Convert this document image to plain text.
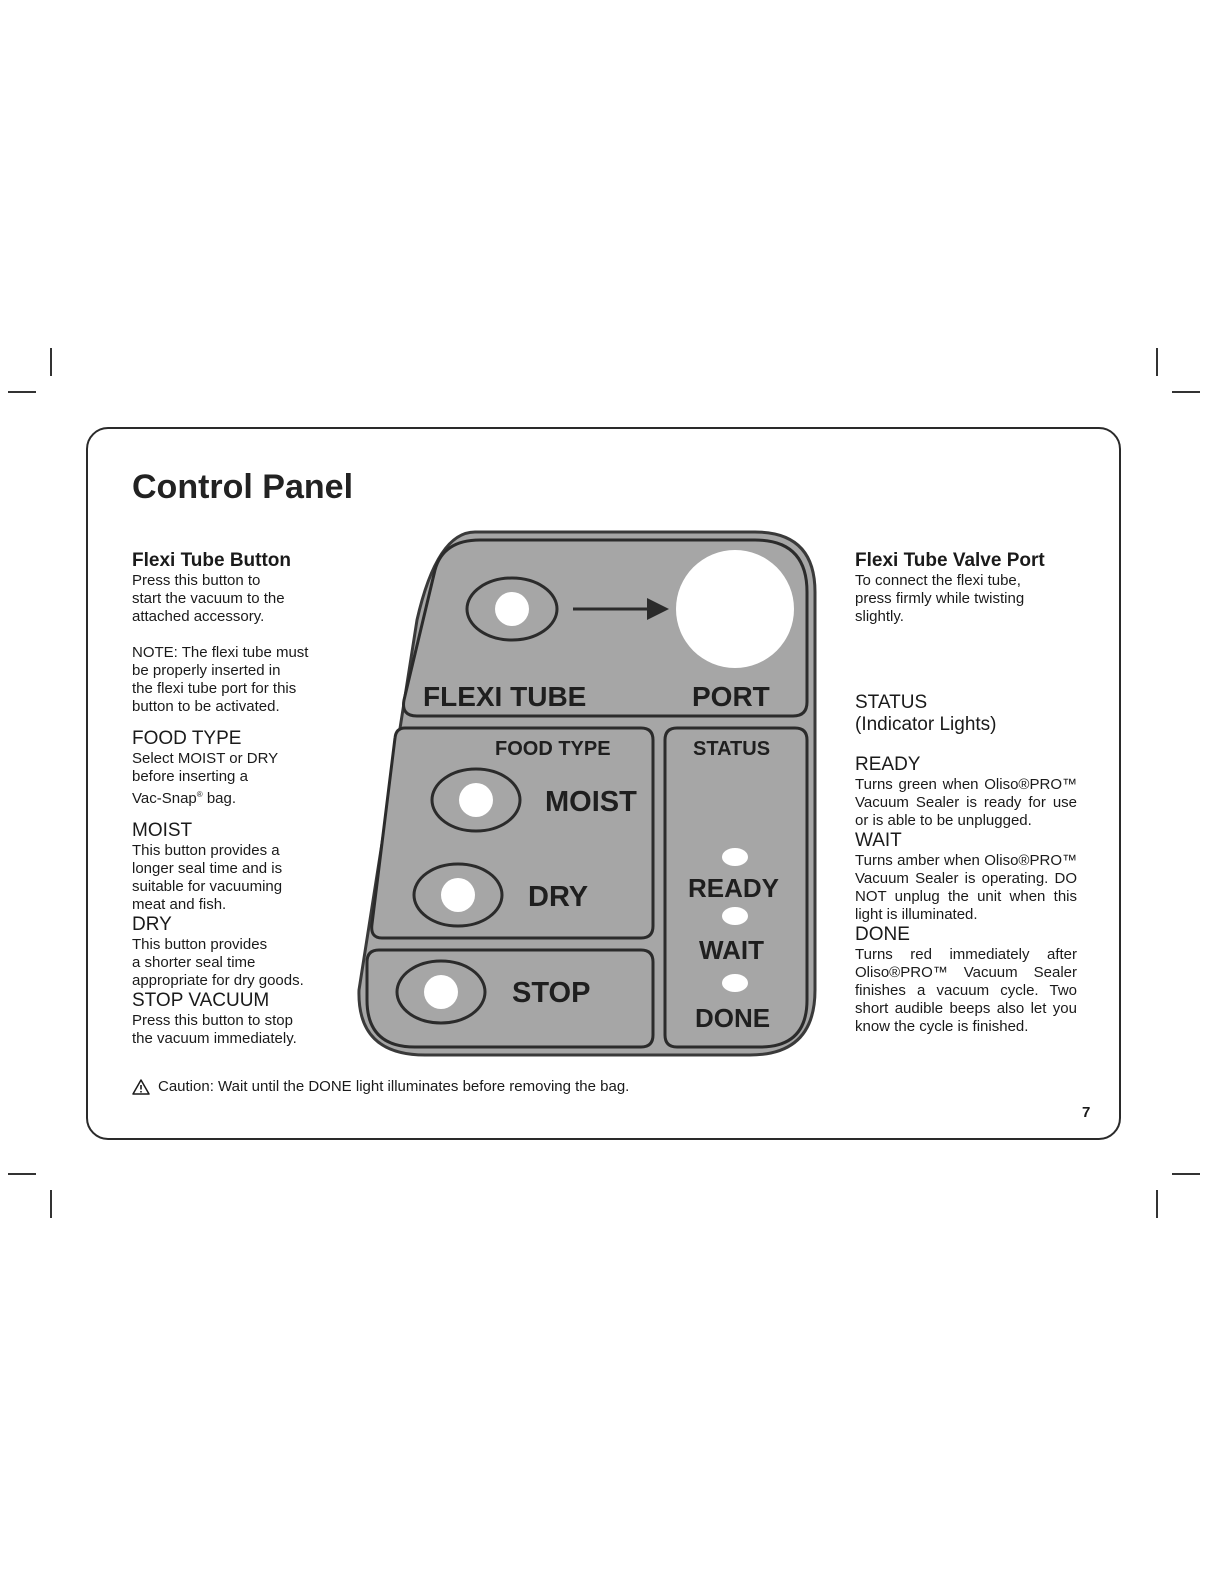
Control Panel
Flexi Tube Button

Press this button to

start the vacuum to the

attached accessory.

NOTE: The flexi tube must

be properly inserted in

the flexi tube port for this

button to be activated.

FOOD TYPE

Select MOIST or DRY

before inserting a

Vac-Snap® bag.

MOIST

This button provides a

longer seal time and is

suitable for vacuuming

meat and fish.

DRY

This button provides

a shorter seal time

appropriate for dry goods.

STOP VACUUM

Press this button to stop

the vacuum immediately.

Flexi Tube Valve Port

To connect the flexi tube,

press firmly while twisting

slightly.

STATUS
(Indicator Lights)
READY

Turns green when Oliso®PRO™ Vacuum Sealer is ready for use or is able to be unplugged.

WAIT

Turns amber when Oliso®PRO™ Vacuum Sealer is operating. DO NOT unplug the unit when this light is illuminated.

DONE

Turns red immediately after Oliso®PRO™ Vacuum Sealer finishes a vacuum cycle. Two short audible beeps also let you know the cycle is finished.

FLEXI TUBE	PORT
FOOD TYPE
MOIST
DRY
STOP
STATUS
READY
WAIT
DONE
Caution: Wait until the DONE light illuminates before removing the bag.
7
